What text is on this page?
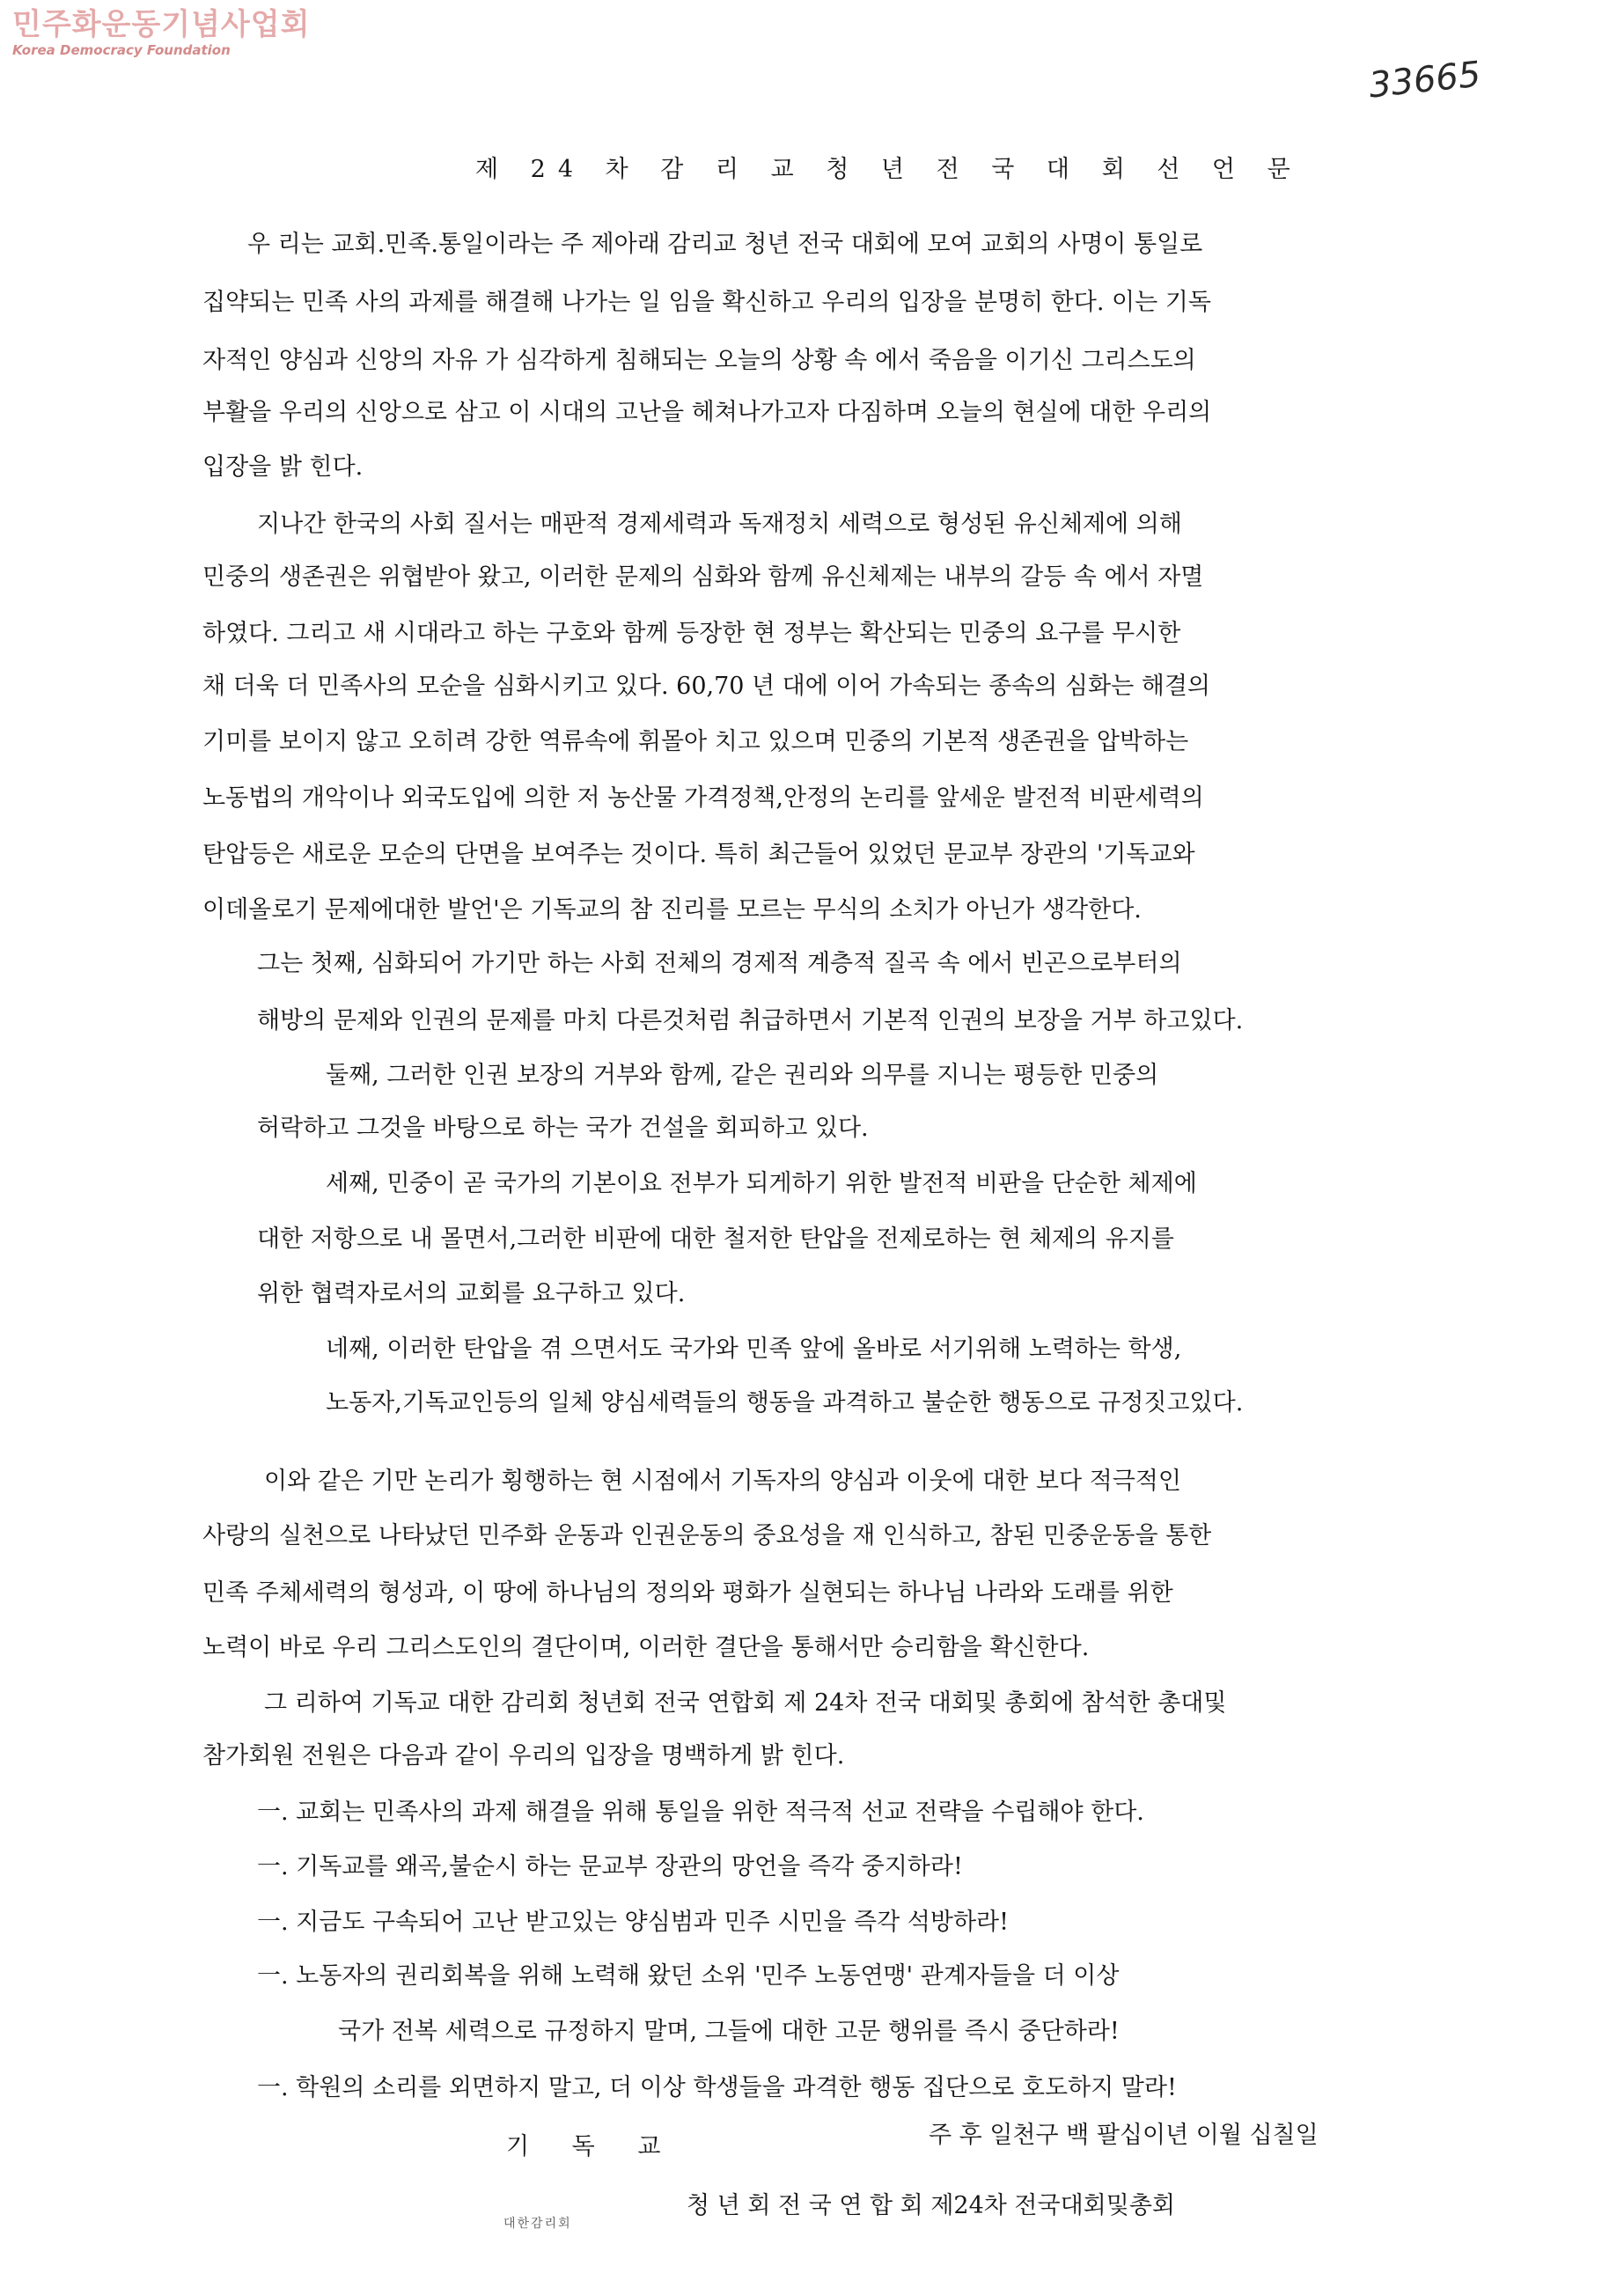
민주화운동기념사업회
Korea Democracy Foundation
33665
제 24 차 감 리 교 청 년 전 국 대 회 선 언 문
우 리는 교회.민족.통일이라는 주 제아래 감리교 청년 전국 대회에 모여 교회의 사명이 통일로
집약되는 민족 사의 과제를 해결해 나가는 일 임을 확신하고 우리의 입장을 분명히 한다. 이는 기독
자적인 양심과 신앙의 자유 가 심각하게 침해되는 오늘의 상황 속 에서 죽음을 이기신 그리스도의
부활을 우리의 신앙으로 삼고 이 시대의 고난을 헤쳐나가고자 다짐하며 오늘의 현실에 대한 우리의
입장을 밝 힌다.
지나간 한국의 사회 질서는 매판적 경제세력과 독재정치 세력으로 형성된 유신체제에 의해
민중의 생존권은 위협받아 왔고, 이러한 문제의 심화와 함께 유신체제는 내부의 갈등 속 에서 자멸
하였다. 그리고 새 시대라고 하는 구호와 함께 등장한 현 정부는 확산되는 민중의 요구를 무시한
채 더욱 더 민족사의 모순을 심화시키고 있다. 60,70 년 대에 이어 가속되는 종속의 심화는 해결의
기미를 보이지 않고 오히려 강한 역류속에 휘몰아 치고 있으며 민중의 기본적 생존권을 압박하는
노동법의 개악이나 외국도입에 의한 저 농산물 가격정책,안정의 논리를 앞세운 발전적 비판세력의
탄압등은 새로운 모순의 단면을 보여주는 것이다. 특히 최근들어 있었던 문교부 장관의 '기독교와
이데올로기 문제에대한 발언'은 기독교의 참 진리를 모르는 무식의 소치가 아닌가 생각한다.
그는 첫째, 심화되어 가기만 하는 사회 전체의 경제적 계층적 질곡 속 에서 빈곤으로부터의
해방의 문제와 인권의 문제를 마치 다른것처럼 취급하면서 기본적 인권의 보장을 거부 하고있다.
둘째, 그러한 인권 보장의 거부와 함께, 같은 권리와 의무를 지니는 평등한 민중의
허락하고 그것을 바탕으로 하는 국가 건설을 회피하고 있다.
세째, 민중이 곧 국가의 기본이요 전부가 되게하기 위한 발전적 비판을 단순한 체제에
대한 저항으로 내 몰면서,그러한 비판에 대한 철저한 탄압을 전제로하는 현 체제의 유지를
위한 협력자로서의 교회를 요구하고 있다.
네째, 이러한 탄압을 겪 으면서도 국가와 민족 앞에 올바로 서기위해 노력하는 학생,
노동자,기독교인등의 일체 양심세력들의 행동을 과격하고 불순한 행동으로 규정짓고있다.
이와 같은 기만 논리가 횡행하는 현 시점에서 기독자의 양심과 이웃에 대한 보다 적극적인
사랑의 실천으로 나타났던 민주화 운동과 인권운동의 중요성을 재 인식하고, 참된 민중운동을 통한
민족 주체세력의 형성과, 이 땅에 하나님의 정의와 평화가 실현되는 하나님 나라와 도래를 위한
노력이 바로 우리 그리스도인의 결단이며, 이러한 결단을 통해서만 승리함을 확신한다.
그 리하여 기독교 대한 감리회 청년회 전국 연합회 제 24차 전국 대회및 총회에 참석한 총대및
참가회원 전원은 다음과 같이 우리의 입장을 명백하게 밝 힌다.
一. 교회는 민족사의 과제 해결을 위해 통일을 위한 적극적 선교 전략을 수립해야 한다.
一. 기독교를 왜곡,불순시 하는 문교부 장관의 망언을 즉각 중지하라!
一. 지금도 구속되어 고난 받고있는 양심범과 민주 시민을 즉각 석방하라!
一. 노동자의 권리회복을 위해 노력해 왔던 소위 '민주 노동연맹' 관계자들을 더 이상
국가 전복 세력으로 규정하지 말며, 그들에 대한 고문 행위를 즉시 중단하라!
一. 학원의 소리를 외면하지 말고, 더 이상 학생들을 과격한 행동 집단으로 호도하지 말라!
주 후 일천구 백 팔십이년 이월 십칠일
기 독 교
청 년 회 전 국 연 합 회 제24차 전국대회및총회
대한감리회
